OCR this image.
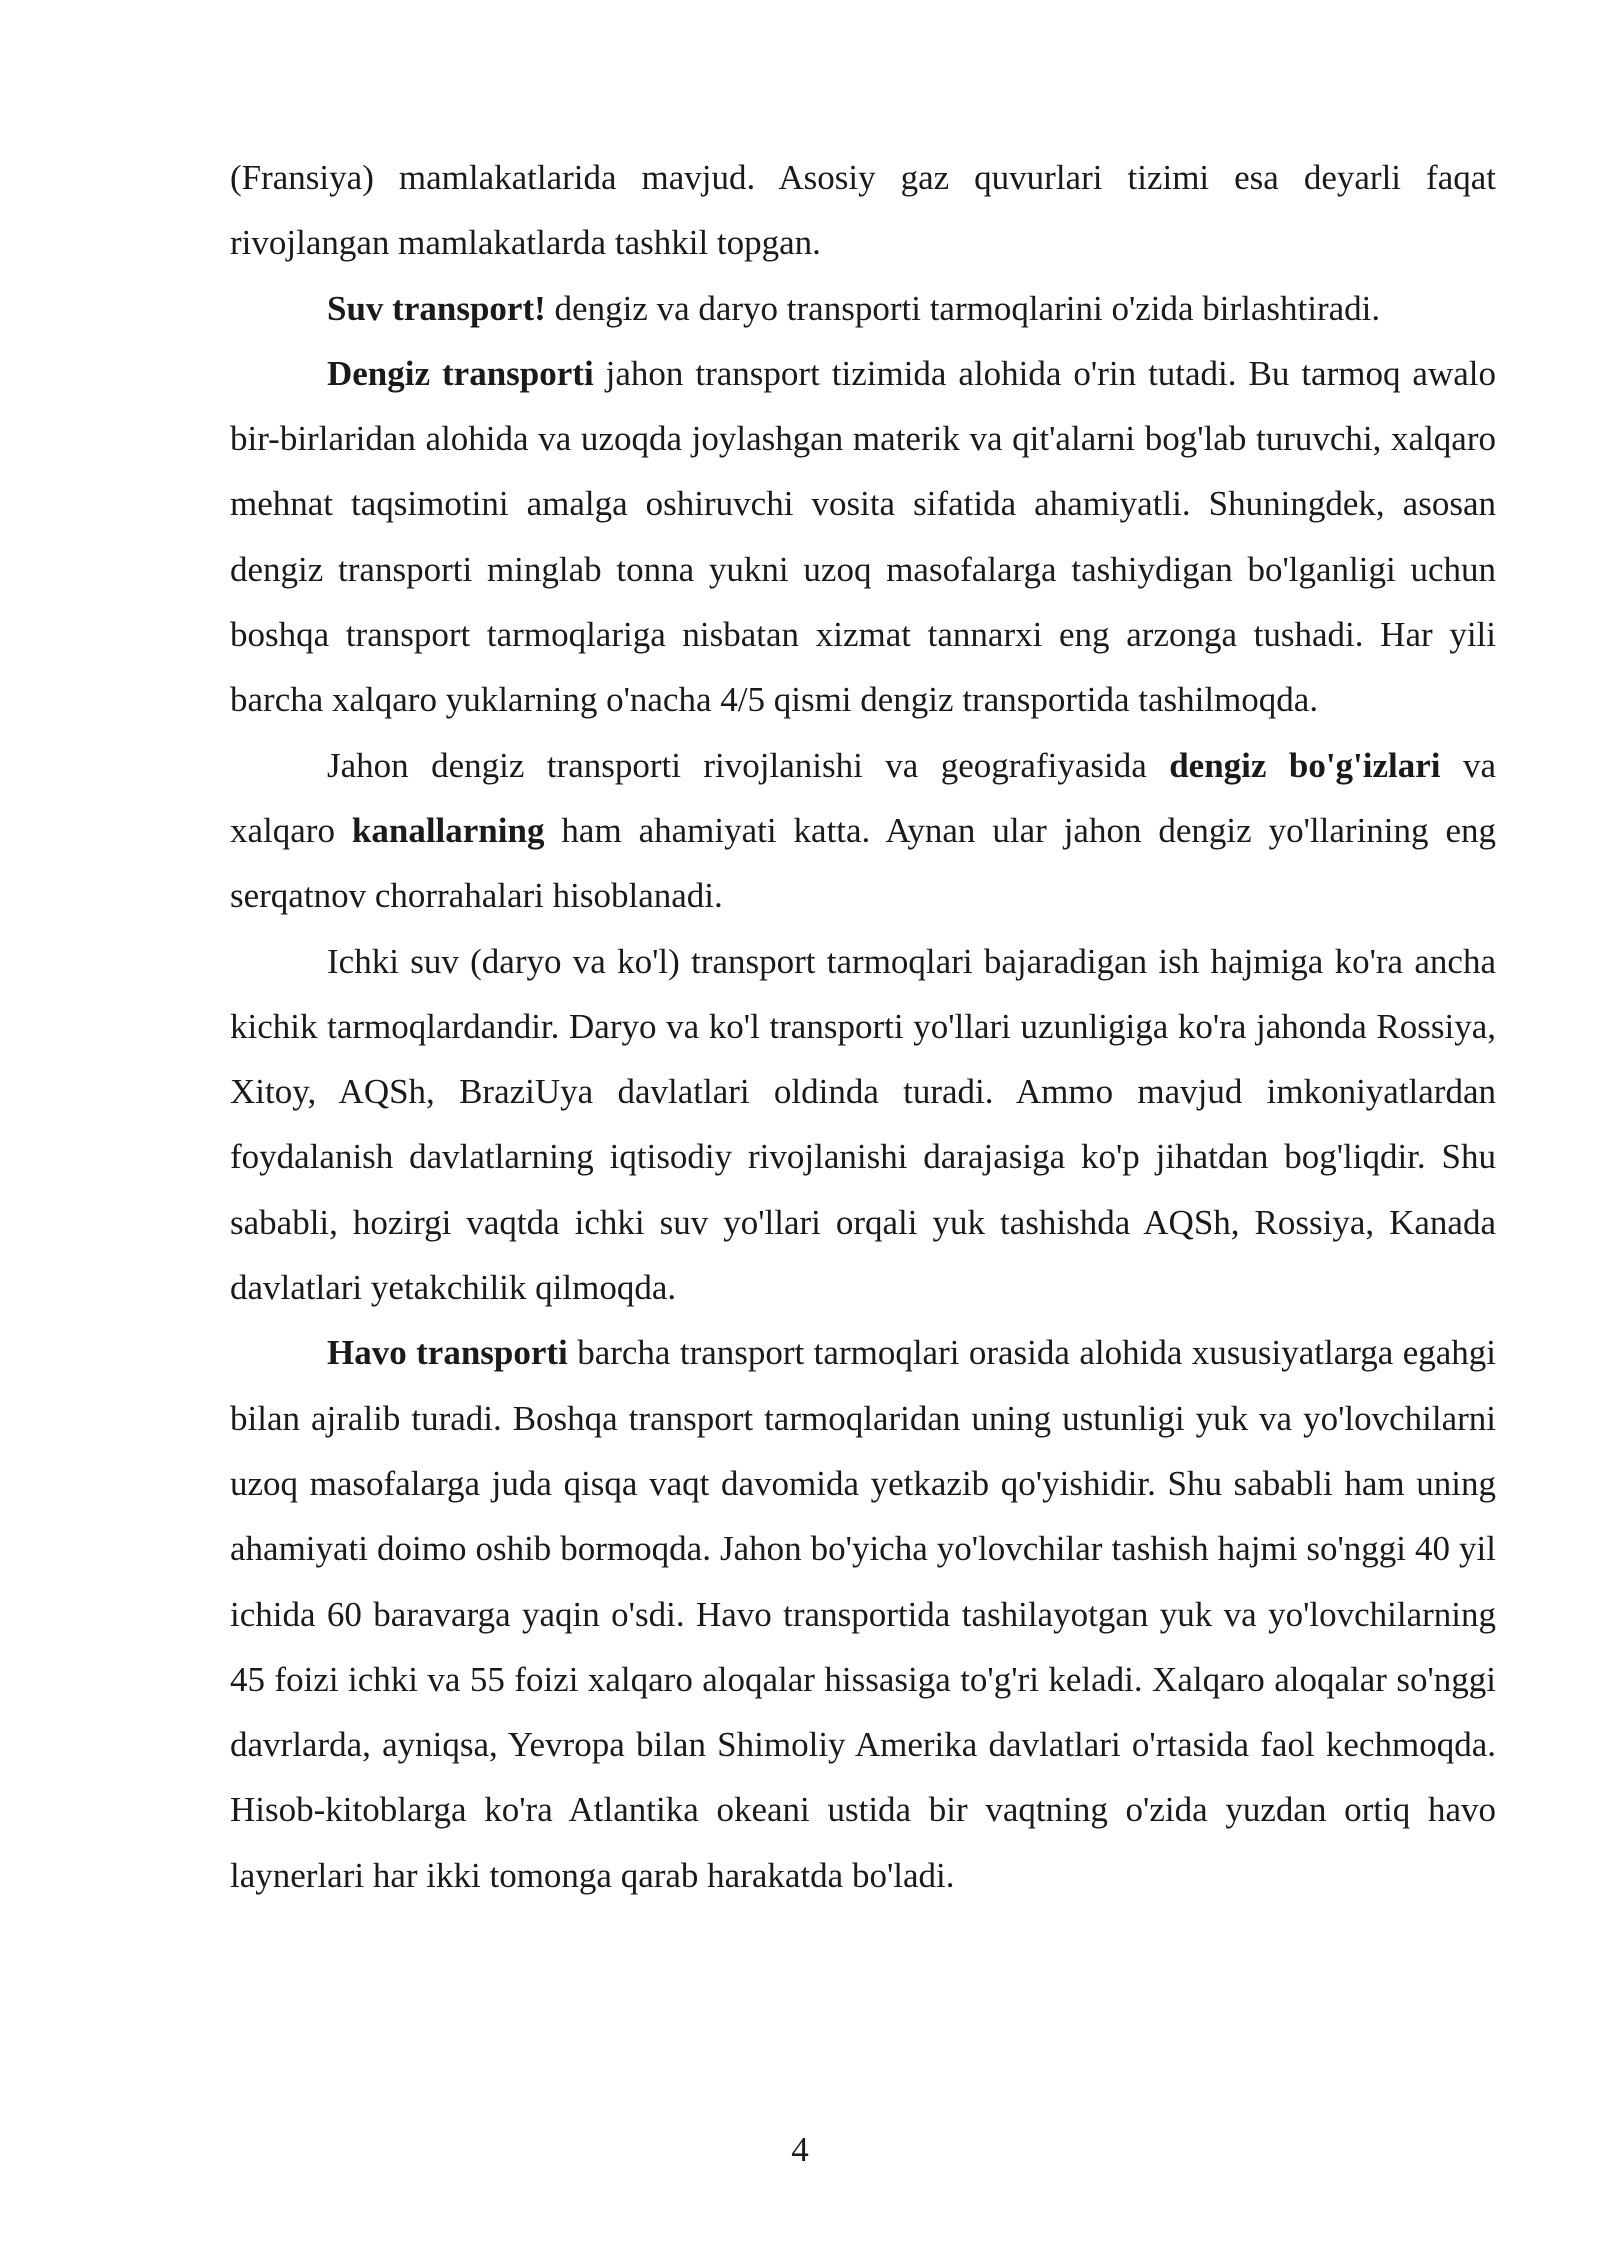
(Fransiya) mamlakatlarida mavjud. Asosiy gaz quvurlari tizimi esa deyarli faqat rivojlangan mamlakatlarda tashkil topgan.

Suv transport! dengiz va daryo transporti tarmoqlarini o'zida birlashtiradi.

Dengiz transporti jahon transport tizimida alohida o'rin tutadi. Bu tarmoq awalo bir-birlaridan alohida va uzoqda joylashgan materik va qit'alarni bog'lab turuvchi, xalqaro mehnat taqsimotini amalga oshiruvchi vosita sifatida ahamiyatli. Shuningdek, asosan dengiz transporti minglab tonna yukni uzoq masofalarga tashiydigan bo'lganligi uchun boshqa transport tarmoqlariga nisbatan xizmat tannarxi eng arzonga tushadi. Har yili barcha xalqaro yuklarning o'nacha 4/5 qismi dengiz transportida tashilmoqda.

Jahon dengiz transporti rivojlanishi va geografiyasida dengiz bo'g'izlari va xalqaro kanallarning ham ahamiyati katta. Aynan ular jahon dengiz yo'llarining eng serqatnov chorrahalari hisoblanadi.

Ichki suv (daryo va ko'l) transport tarmoqlari bajaradigan ish hajmiga ko'ra ancha kichik tarmoqlardandir. Daryo va ko'l transporti yo'llari uzunligiga ko'ra jahonda Rossiya, Xitoy, AQSh, BraziUya davlatlari oldinda turadi. Ammo mavjud imkoniyatlardan foydalanish davlatlarning iqtisodiy rivojlanishi darajasiga ko'p jihatdan bog'liqdir. Shu sababli, hozirgi vaqtda ichki suv yo'llari orqali yuk tashishda AQSh, Rossiya, Kanada davlatlari yetakchilik qilmoqda.

Havo transporti barcha transport tarmoqlari orasida alohida xususiyatlarga egahgi bilan ajralib turadi. Boshqa transport tarmoqlaridan uning ustunligi yuk va yo'lovchilarni uzoq masofalarga juda qisqa vaqt davomida yetkazib qo'yishidir. Shu sababli ham uning ahamiyati doimo oshib bormoqda. Jahon bo'yicha yo'lovchilar tashish hajmi so'nggi 40 yil ichida 60 baravarga yaqin o'sdi. Havo transportida tashilayotgan yuk va yo'lovchilarning 45 foizi ichki va 55 foizi xalqaro aloqalar hissasiga to'g'ri keladi. Xalqaro aloqalar so'nggi davrlarda, ayniqsa, Yevropa bilan Shimoliy Amerika davlatlari o'rtasida faol kechmoqda. Hisob-kitoblarga ko'ra Atlantika okeani ustida bir vaqtning o'zida yuzdan ortiq havo laynerlari har ikki tomonga qarab harakatda bo'ladi.

4
